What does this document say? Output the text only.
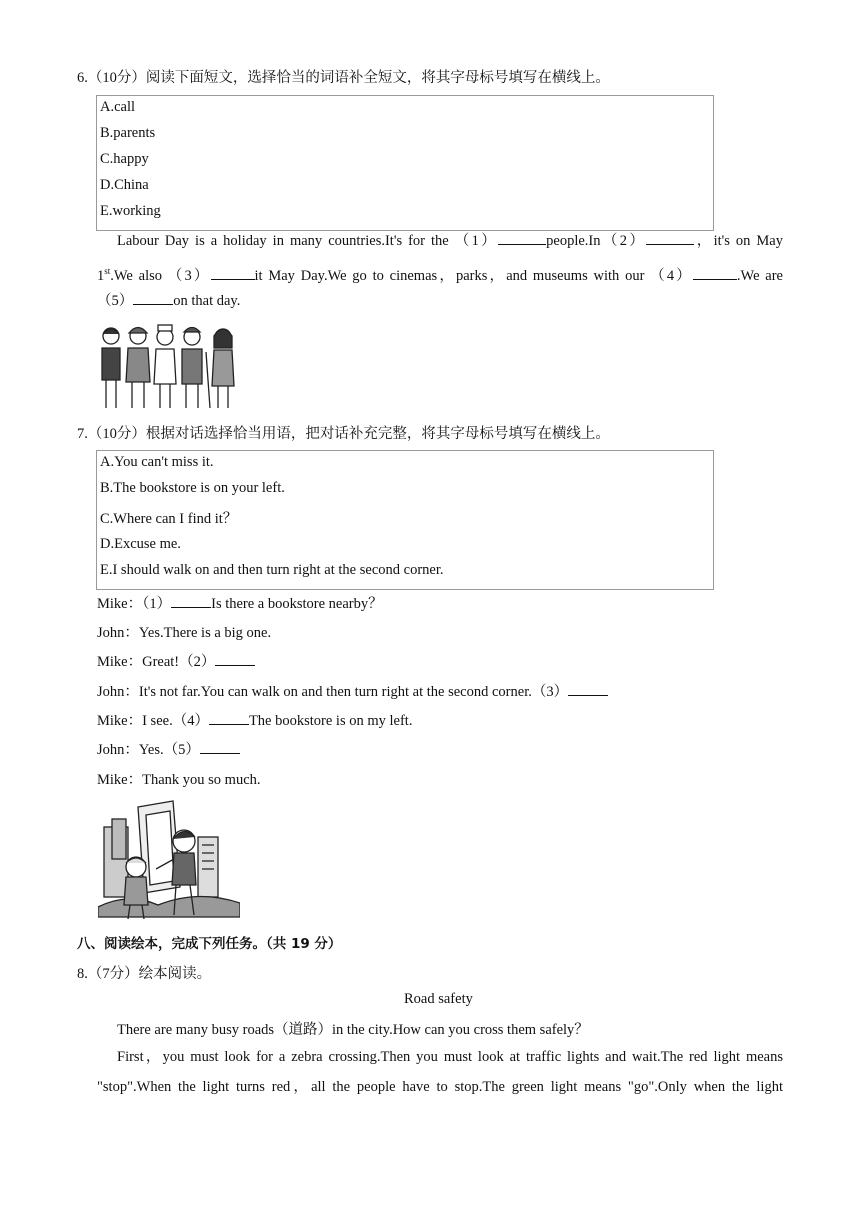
6.（10分）阅读下面短文，选择恰当的词语补全短文，将其字母标号填写在横线上。
A.call
B.parents
C.happy
D.China
E.working
Labour Day is a holiday in many countries.It's for the （1）	people.In（2）	，it's on May
1st.We also （3）	it May Day.We go to cinemas，parks，and museums with our （4）	.We are
（5）	on that day.
7.（10分）根据对话选择恰当用语，把对话补充完整，将其字母标号填写在横线上。
A.You can't miss it.
B.The bookstore is on your left.
C.Where can I find it？
D.Excuse me.
E.I should walk on and then turn right at the second corner.
Mike：（1）	Is there a bookstore nearby？
John：Yes.There is a big one.
Mike：Great!（2）
John：It's not far.You can walk on and then turn right at the second corner.（3）
Mike：I see.（4）	The bookstore is on my left.
John：Yes.（5）
Mike：Thank you so much.
八、阅读绘本，完成下列任务。（共 19 分）
8.（7分）绘本阅读。
Road safety
There are many busy roads（道路）in the city.How can you cross them safely？
First，you must look for a zebra crossing.Then you must look at traffic lights and wait.The red light means
"stop".When the light turns red，all the people have to stop.The green light means "go".Only when the light
